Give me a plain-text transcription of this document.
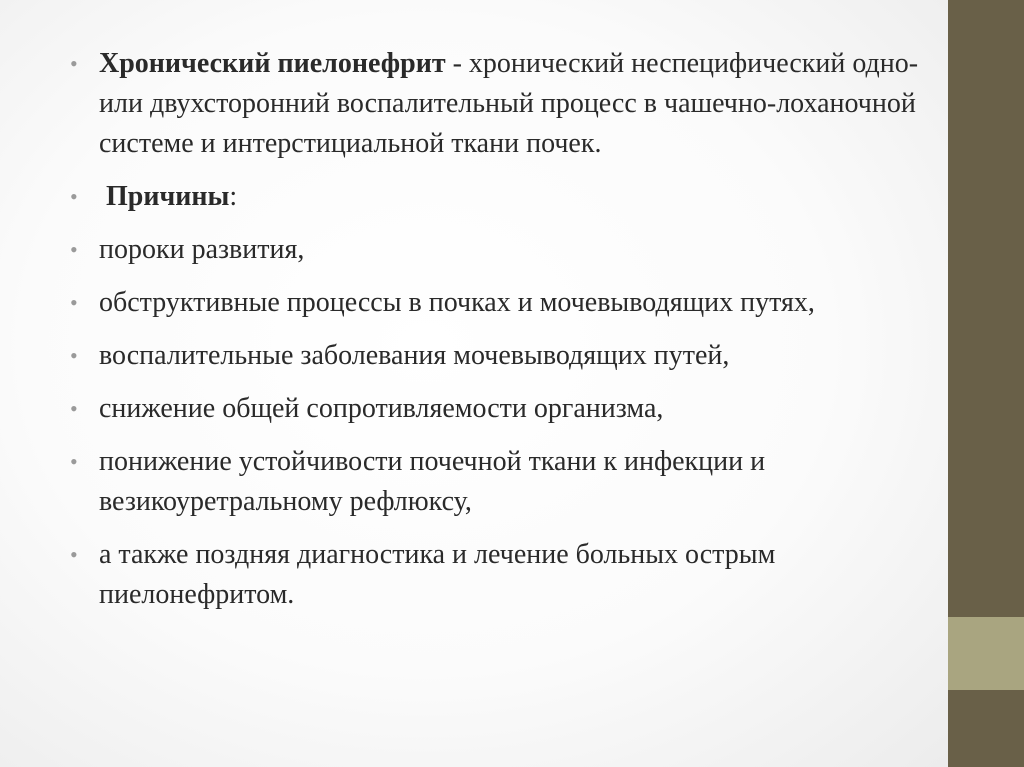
• Хронический пиелонефрит - хронический неспецифический одно- или двухсторонний воспалительный процесс в чашечно-лоханочной системе и интерстициальной ткани почек.
• Причины:
• пороки развития,
• обструктивные процессы в почках и мочевыводящих путях,
• воспалительные заболевания мочевыводящих путей,
• снижение общей сопротивляемости организма,
• понижение устойчивости почечной ткани к инфекции и везикоуретральному рефлюксу,
• а также поздняя диагностика и лечение больных острым пиелонефритом.
